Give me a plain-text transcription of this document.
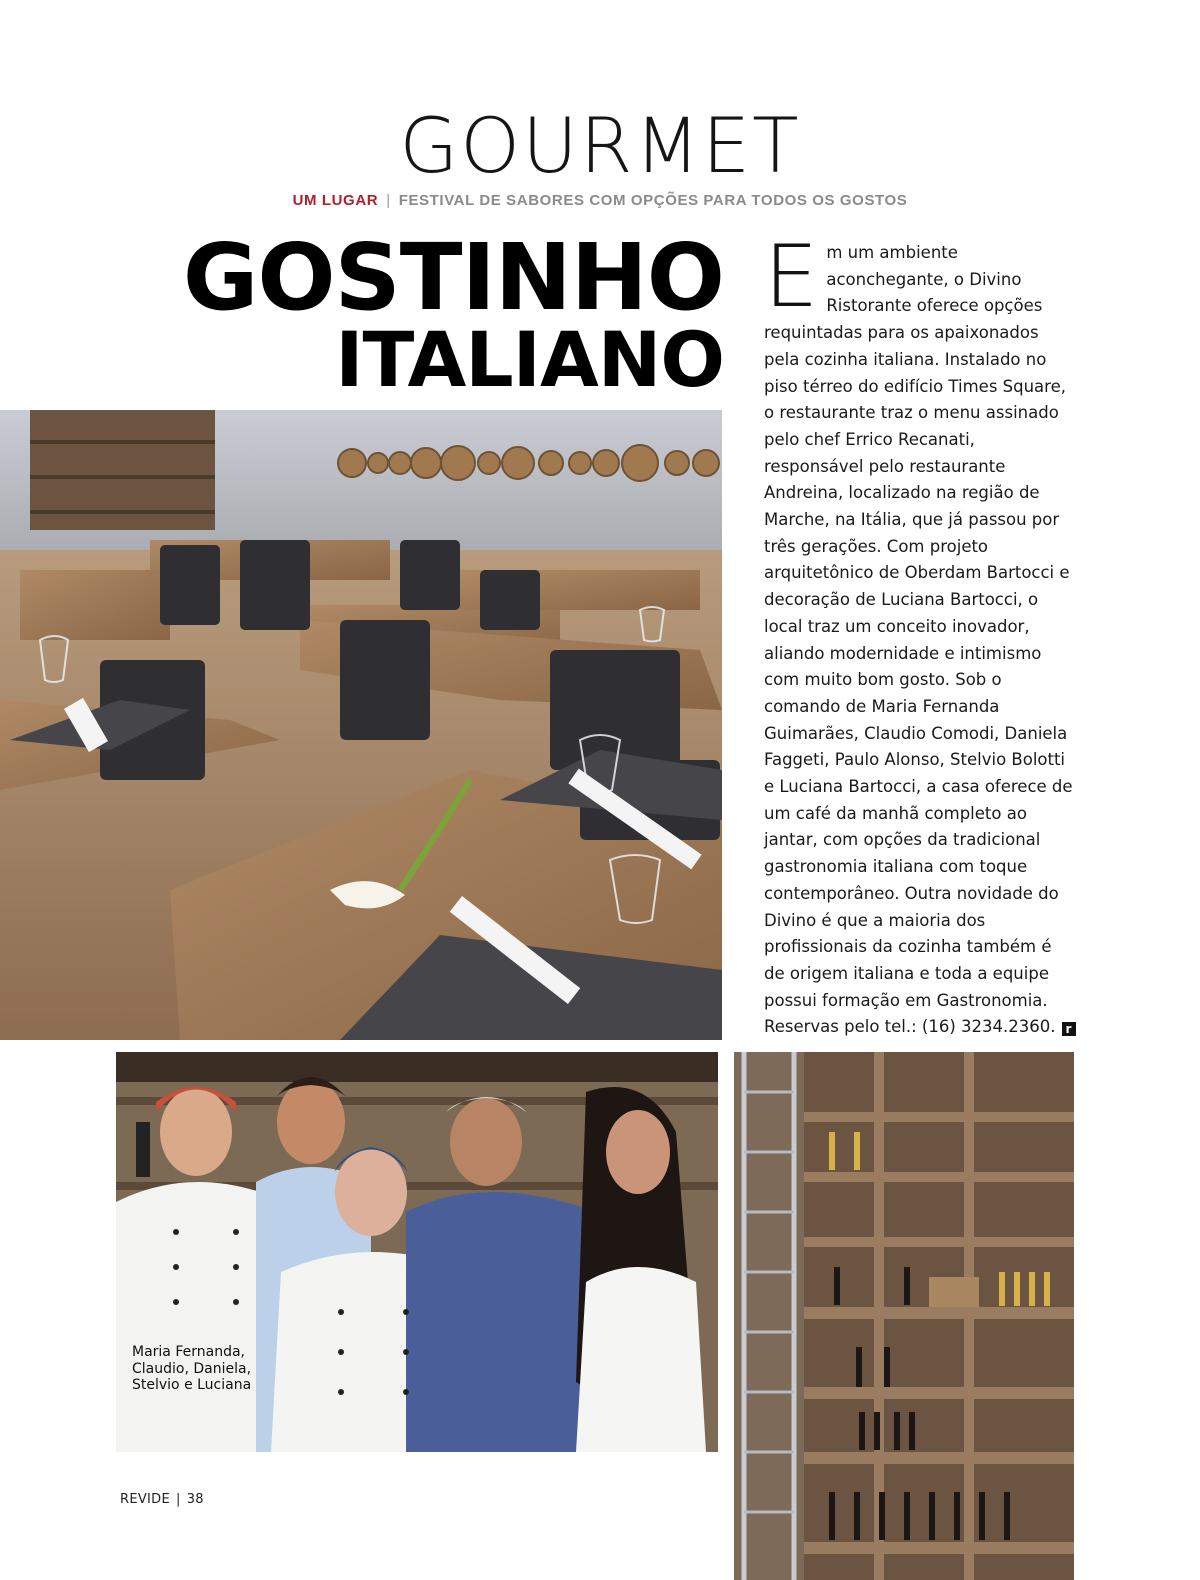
GOURMET
UM LUGAR | FESTIVAL DE SABORES COM OPÇÕES PARA TODOS OS GOSTOS
GOSTINHO
ITALIANO
Em um ambiente aconchegante, o Divino Ristorante oferece opções requintadas para os apaixonados pela cozinha italiana. Instalado no piso térreo do edifício Times Square, o restaurante traz o menu assinado pelo chef Errico Recanati, responsável pelo restaurante Andreina, localizado na região de Marche, na Itália, que já passou por três gerações. Com projeto arquitetônico de Oberdam Bartocci e decoração de Luciana Bartocci, o local traz um conceito inovador, aliando modernidade e intimismo com muito bom gosto. Sob o comando de Maria Fernanda Guimarães, Claudio Comodi, Daniela Faggeti, Paulo Alonso, Stelvio Bolotti e Luciana Bartocci, a casa oferece de um café da manhã completo ao jantar, com opções da tradicional gastronomia italiana com toque contemporâneo. Outra novidade do Divino é que a maioria dos profissionais da cozinha também é de origem italiana e toda a equipe possui formação em Gastronomia. Reservas pelo tel.: (16) 3234.2360. r
Maria Fernanda, Claudio, Daniela, Stelvio e Luciana
REVIDE | 38
